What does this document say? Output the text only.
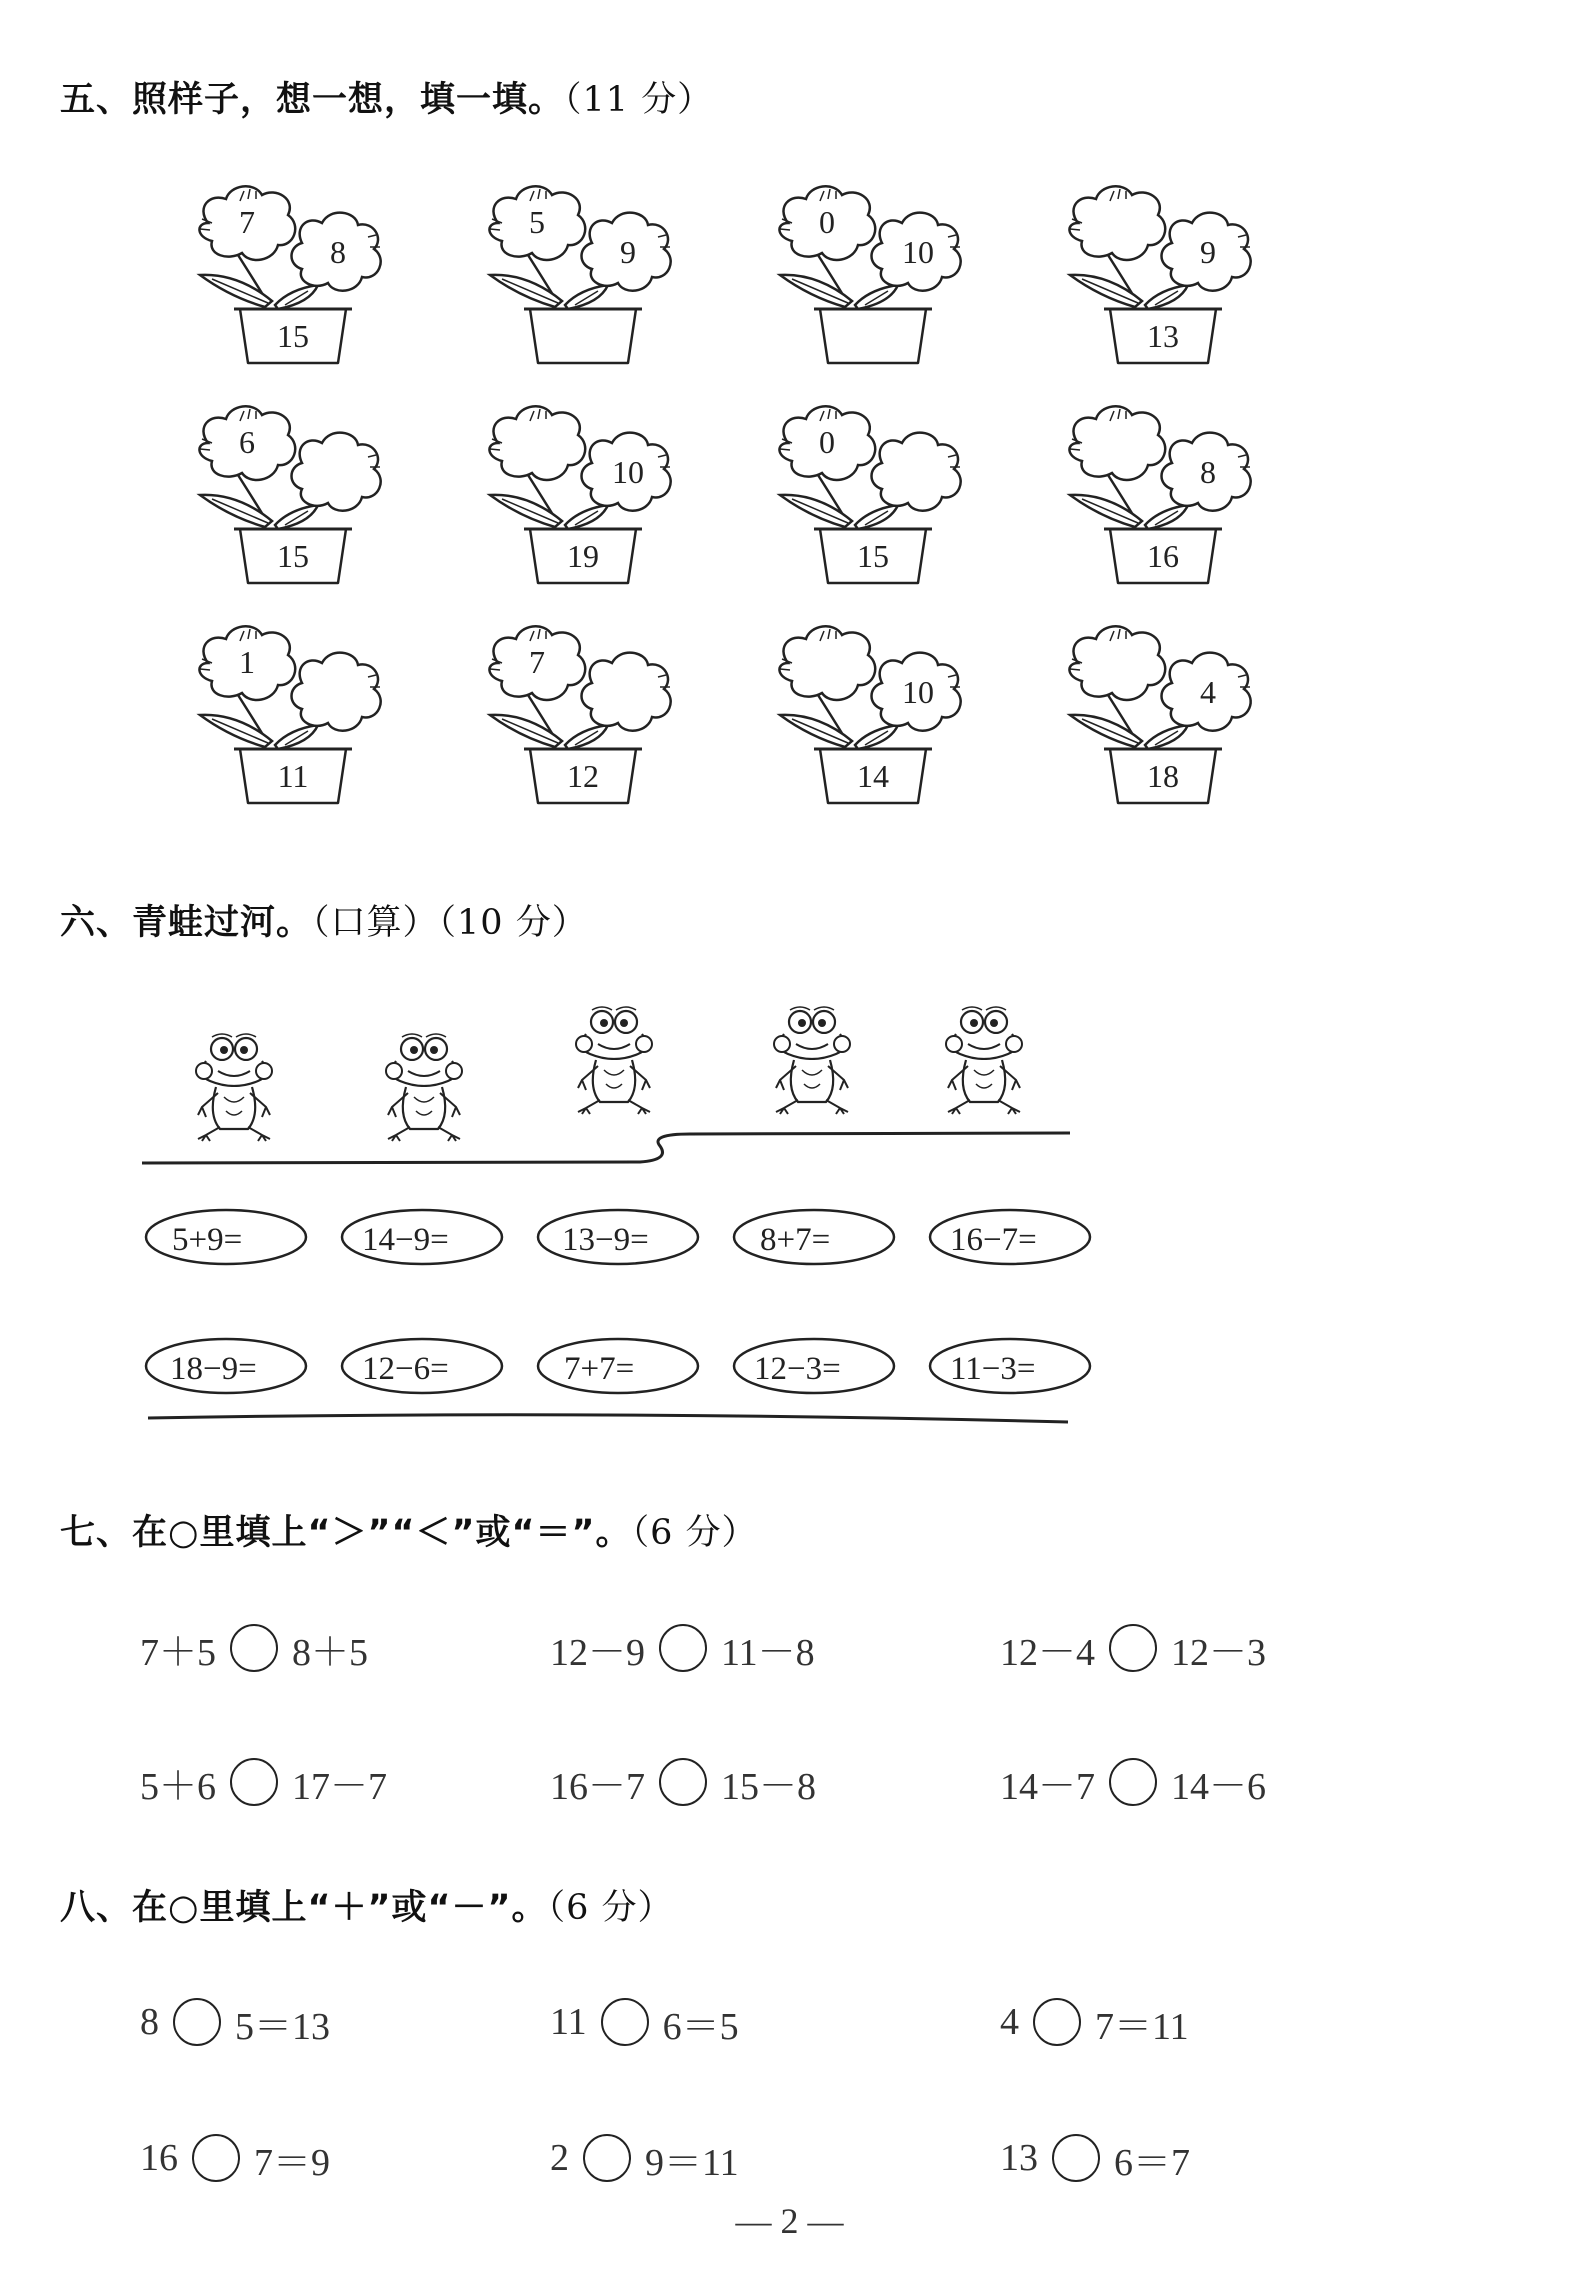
五、照样子，想一想，填一填。（11 分）
7
8
15
5
9
0
10	9
13
6
15
10
19
0
15
8
16
1
11
7
12
10
14
4
18
六、青蛙过河。（口算）（10 分）
5+9=	14−9=	13−9=	8+7=	16−7=
18−9=	12−6=	7+7=	12−3=	11−3=
七、在○里填上“＞”“＜”或“＝”。（6 分）
7＋5 8＋5	12－9 11－8	12－4 12－3
5＋6 17－7	16－7 15－8	14－7 14－6
八、在○里填上“＋”或“－”。（6 分）
8 5＝13	11 6＝5	4 7＝11
16 7＝9	2 9＝11	13 6＝7
— 2 —
